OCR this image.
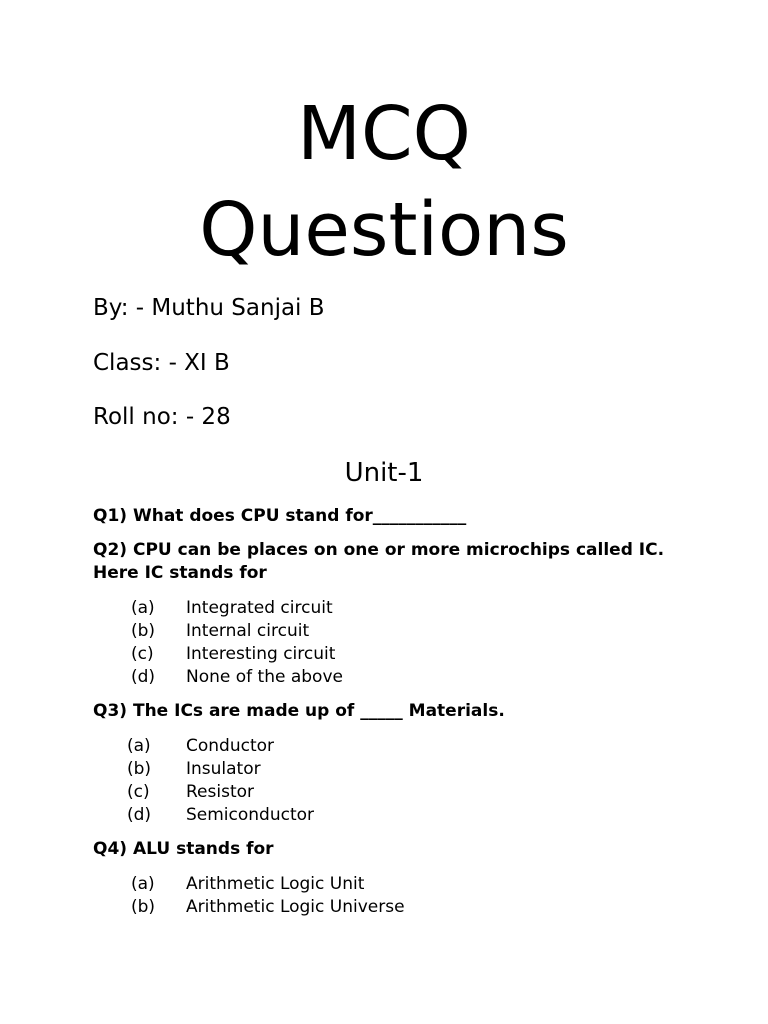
MCQ
Questions
By: - Muthu Sanjai B
Class: - XI B
Roll no: - 28
Unit-1
Q1) What does CPU stand for___________
Q2) CPU can be places on one or more microchips called IC. Here IC stands for
(a) Integrated circuit
(b) Internal circuit
(c) Interesting circuit
(d) None of the above
Q3) The ICs are made up of _____ Materials.
(a) Conductor
(b) Insulator
(c) Resistor
(d) Semiconductor
Q4) ALU stands for
(a) Arithmetic Logic Unit
(b) Arithmetic Logic Universe
